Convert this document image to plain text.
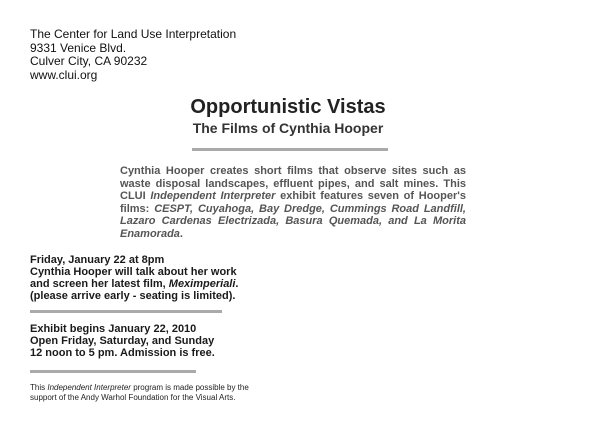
The Center for Land Use Interpretation
9331 Venice Blvd.
Culver City, CA 90232
www.clui.org
Opportunistic Vistas
The Films of Cynthia Hooper

Cynthia Hooper creates short films that observe sites such as waste disposal landscapes, effluent pipes, and salt mines. This CLUI Independent Interpreter exhibit features seven of Hooper's films: CESPT, Cuyahoga, Bay Dredge, Cummings Road Landfill, Lazaro Cardenas Electrizada, Basura Quemada, and La Morita Enamorada.

Friday, January 22 at 8pm
Cynthia Hooper will talk about her work
and screen her latest film, Meximperiali.
(please arrive early - seating is limited).
Exhibit begins January 22, 2010
Open Friday, Saturday, and Sunday
12 noon to 5 pm. Admission is free.
This Independent Interpreter program is made possible by the
support of the Andy Warhol Foundation for the Visual Arts.
